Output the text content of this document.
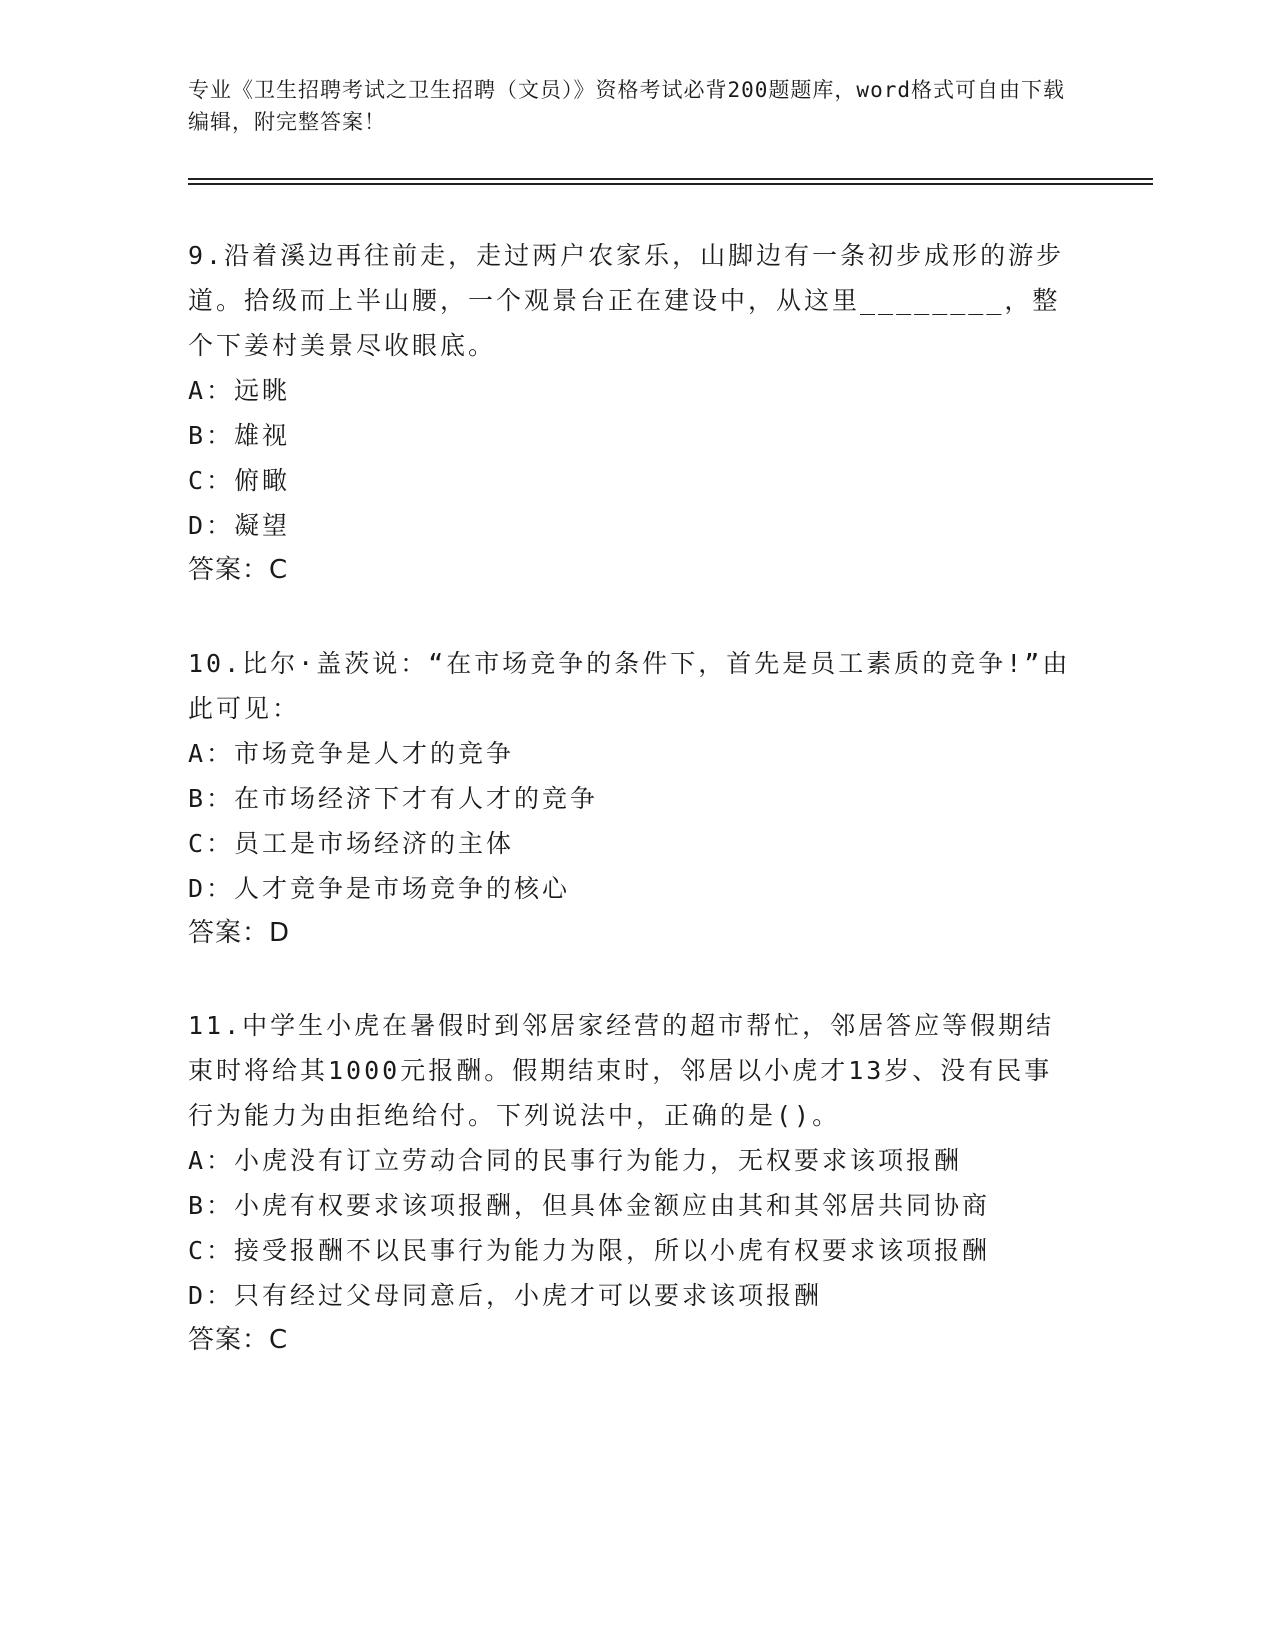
专业《卫生招聘考试之卫生招聘（文员）》资格考试必背200题题库，word格式可自由下载编辑，附完整答案！
9.沿着溪边再往前走，走过两户农家乐，山脚边有一条初步成形的游步道。拾级而上半山腰，一个观景台正在建设中，从这里________，整个下姜村美景尽收眼底。
A：远眺
B：雄视
C：俯瞰
D：凝望
答案：C
10.比尔·盖茨说：“在市场竞争的条件下，首先是员工素质的竞争!”由此可见：
A：市场竞争是人才的竞争
B：在市场经济下才有人才的竞争
C：员工是市场经济的主体
D：人才竞争是市场竞争的核心
答案：D
11.中学生小虎在暑假时到邻居家经营的超市帮忙，邻居答应等假期结束时将给其1000元报酬。假期结束时，邻居以小虎才13岁、没有民事行为能力为由拒绝给付。下列说法中，正确的是()。
A：小虎没有订立劳动合同的民事行为能力，无权要求该项报酬
B：小虎有权要求该项报酬，但具体金额应由其和其邻居共同协商
C：接受报酬不以民事行为能力为限，所以小虎有权要求该项报酬
D：只有经过父母同意后，小虎才可以要求该项报酬
答案：C
